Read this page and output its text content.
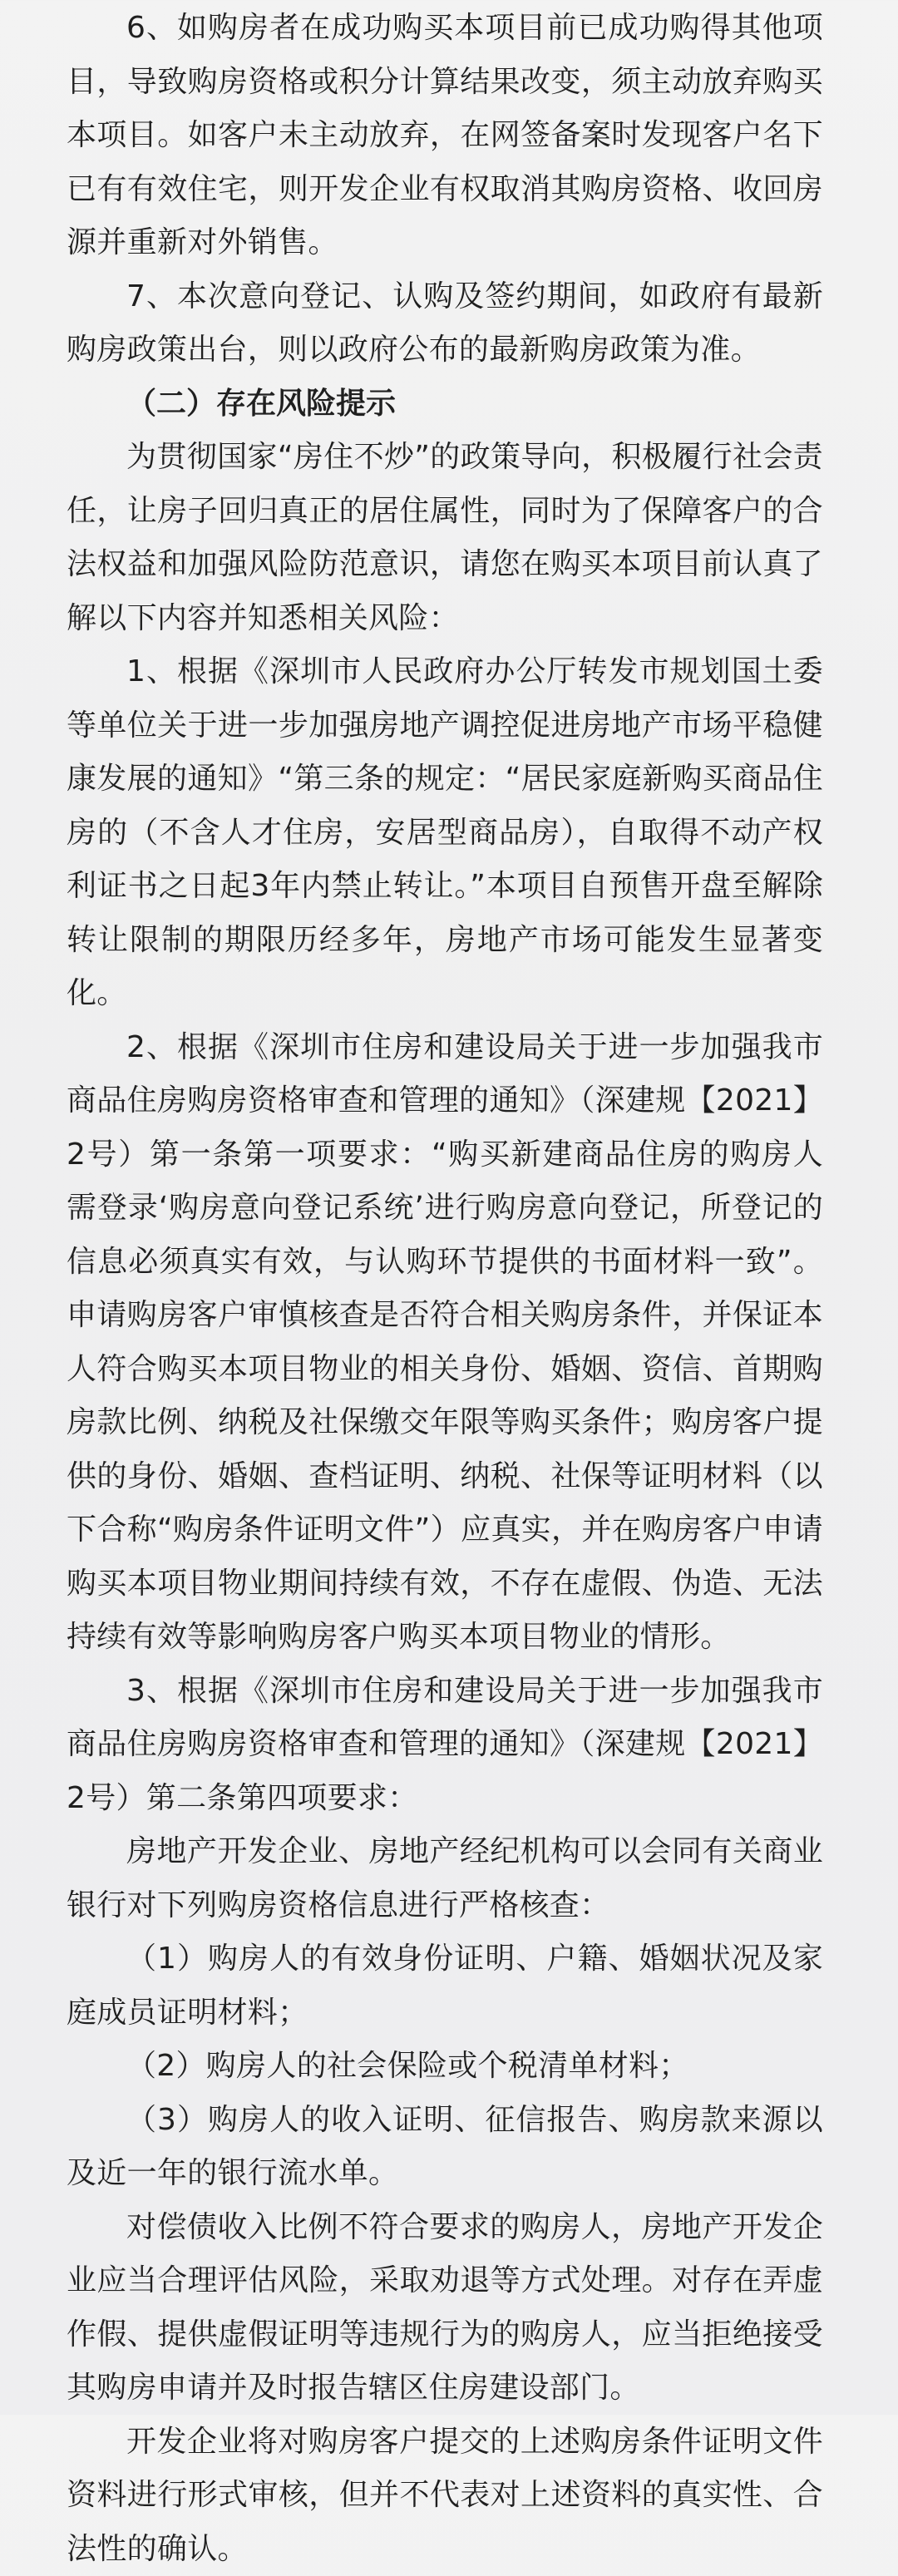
6、如购房者在成功购买本项目前已成功购得其他项目，导致购房资格或积分计算结果改变，须主动放弃购买本项目。如客户未主动放弃，在网签备案时发现客户名下已有有效住宅，则开发企业有权取消其购房资格、收回房源并重新对外销售。

7、本次意向登记、认购及签约期间，如政府有最新购房政策出台，则以政府公布的最新购房政策为准。

（二）存在风险提示

为贯彻国家“房住不炒”的政策导向，积极履行社会责任，让房子回归真正的居住属性，同时为了保障客户的合法权益和加强风险防范意识，请您在购买本项目前认真了解以下内容并知悉相关风险：

1、根据《深圳市人民政府办公厅转发市规划国土委等单位关于进一步加强房地产调控促进房地产市场平稳健康发展的通知》“第三条的规定：“居民家庭新购买商品住房的（不含人才住房，安居型商品房），自取得不动产权利证书之日起3年内禁止转让。”本项目自预售开盘至解除转让限制的期限历经多年，房地产市场可能发生显著变化。

2、根据《深圳市住房和建设局关于进一步加强我市商品住房购房资格审查和管理的通知》（深建规【2021】2号）第一条第一项要求：“购买新建商品住房的购房人需登录‘购房意向登记系统’进行购房意向登记，所登记的信息必须真实有效，与认购环节提供的书面材料一致”。申请购房客户审慎核查是否符合相关购房条件，并保证本人符合购买本项目物业的相关身份、婚姻、资信、首期购房款比例、纳税及社保缴交年限等购买条件；购房客户提供的身份、婚姻、查档证明、纳税、社保等证明材料（以下合称“购房条件证明文件”）应真实，并在购房客户申请购买本项目物业期间持续有效，不存在虚假、伪造、无法持续有效等影响购房客户购买本项目物业的情形。

3、根据《深圳市住房和建设局关于进一步加强我市商品住房购房资格审查和管理的通知》（深建规【2021】2号）第二条第四项要求：

房地产开发企业、房地产经纪机构可以会同有关商业银行对下列购房资格信息进行严格核查：

（1）购房人的有效身份证明、户籍、婚姻状况及家庭成员证明材料；

（2）购房人的社会保险或个税清单材料；

（3）购房人的收入证明、征信报告、购房款来源以及近一年的银行流水单。

对偿债收入比例不符合要求的购房人，房地产开发企业应当合理评估风险，采取劝退等方式处理。对存在弄虚作假、提供虚假证明等违规行为的购房人，应当拒绝接受其购房申请并及时报告辖区住房建设部门。

开发企业将对购房客户提交的上述购房条件证明文件资料进行形式审核，但并不代表对上述资料的真实性、合法性的确认。
